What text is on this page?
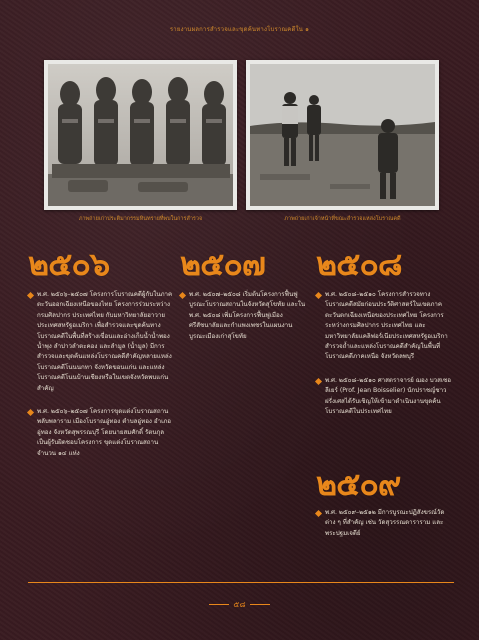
รายงานผลการสำรวจและขุดค้นทางโบราณคดีใน ๑
ภาพถ่ายเก่าประติมากรรมหินทรายที่พบในการสำรวจ	ภาพถ่ายเก่าเจ้าหน้าที่ขณะสำรวจแหล่งโบราณคดี
๒๕๐๖
พ.ศ. ๒๕๐๖–๒๕๐๗ โครงการโบราณคดีผู้กับในภาคตะวันออกเฉียงเหนือของไทย โครงการร่วมระหว่างกรมศิลปากร ประเทศไทย กับมหาวิทยาลัยฮาวาย ประเทศสหรัฐอเมริกา เพื่อสำรวจและขุดค้นทางโบราณคดีในพื้นที่สร้างเขื่อนและอ่างเก็บน้ำน้ำพอง น้ำพุง ลำปาวลำตะคอง และลำมูล (น้ำมูล) มีการสำรวจและขุดค้นแหล่งโบราณคดีสำคัญหลายแหล่ง โบราณคดีโนนนกทา จังหวัดขอนแก่น และแหล่งโบราณคดีโนนบ้านเชียงหรือในเขตจังหวัดพบแก่นสำคัญ
พ.ศ. ๒๕๐๖–๒๕๐๗ โครงการขุดแต่งโบราณสถานพลับพลาราม เมืองโบราณอู่ทอง ตำบลอู่ทอง อำเภออู่ทอง จังหวัดสุพรรณบุรี โดยนายสมศักดิ์ รัตนกุล เป็นผู้รับผิดชอบโครงการ ขุดแต่งโบราณสถานจำนวน ๑๔ แห่ง
๒๕๐๗
พ.ศ. ๒๕๐๗–๒๕๐๘ เริ่มต้นโครงการฟื้นฟูบูรณะโบราณสถานในจังหวัดสุโขทัย และใน พ.ศ. ๒๕๐๘ เพิ่มโครงการฟื้นฟูเมืองศรีสัชนาลัยและกำแพงเพชรในแผนงานบูรณะเมืองเก่าสุโขทัย
๒๕๐๘
พ.ศ. ๒๕๐๘–๒๕๑๐ โครงการสำรวจทางโบราณคดีสมัยก่อนประวัติศาสตร์ในเขตภาคตะวันตกเฉียงเหนือของประเทศไทย โครงการระหว่างกรมศิลปากร ประเทศไทย และมหาวิทยาลัยแคลิฟอร์เนียประเทศสหรัฐอเมริกา สำรวจถ้ำและแหล่งโบราณคดีสำคัญในพื้นที่ โบราณคดีภาคเหนือ จังหวัดลพบุรี
พ.ศ. ๒๕๐๘–๒๕๑๐ ศาสตราจารย์ ฌอง บวสเซอลีเยร์ (Prof. Jean Boisselier) นักปราชญ์ชาวฝรั่งเศสได้รับเชิญให้เข้ามาดำเนินงานขุดค้นโบราณคดีในประเทศไทย
๒๕๐๙
พ.ศ. ๒๕๐๙–๒๕๑๒ มีการบูรณะปฏิสังขรณ์วัดต่าง ๆ ที่สำคัญ เช่น วัดสุวรรณดาราราม และพระปฐมเจดีย์
๕๘
